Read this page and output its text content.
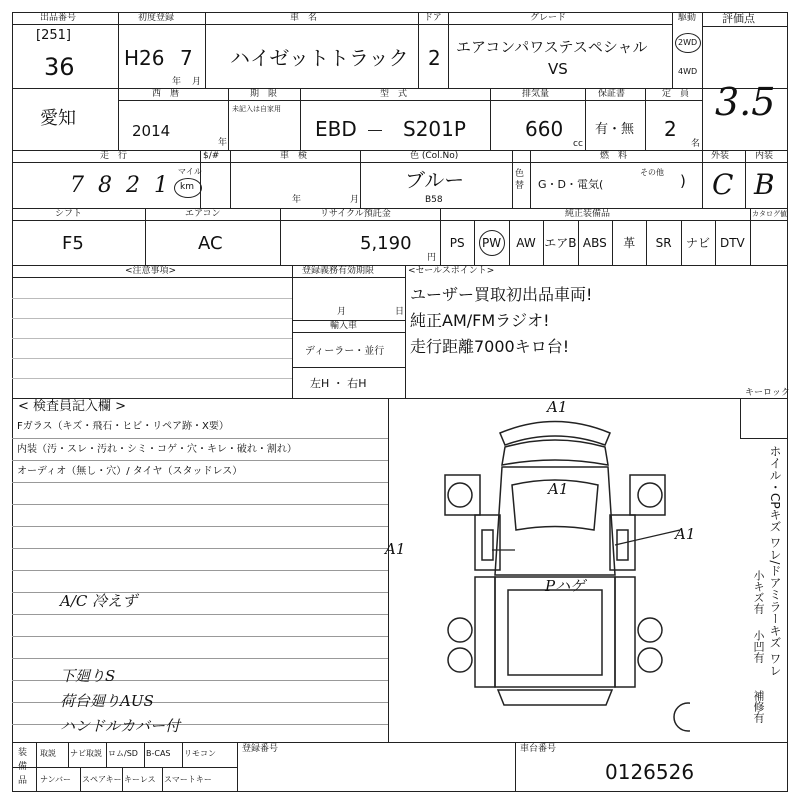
出品番号
[251]
36
初度登録
H26 7
年 月
車　名
ハイゼットトラック
ドア
2
グレード
エアコンパワステスペシャル
VS
駆動
2WD
4WD
評価点
愛知
西　暦
2014
年
期　限
未記入は自家用
型　式
EBD S201P
排気量
660
cc
保証書
有・無
定　員
2
名
3.5
走　行
7  8  2  1
マイル
km
$/#	車　検
年	月
色 (Col.No)
ブルー
B58
色替
燃　料
G・D・電気(
その他 )
外装
C
内装
B
シフト
F5
エアコン
AC
リサイクル預託金
5,190
円
純正装備品	カタログ値
PS	PW	AW エアB ABS	革	SR	ナビ DTV
<注意事項>	登録義務有効期限
月	日
輸入車
ディーラー・並行
左H ・ 右H
<セールスポイント>
ユーザー買取初出品車両!
純正AM/FMラジオ!
走行距離7000キロ台!
< 検査員記入欄 >
Fガラス（キズ・飛石・ヒビ・リペア跡・X要）
内装（汚・スレ・汚れ・シミ・コゲ・穴・キレ・破れ・割れ）
オーディオ（無し・穴）/ タイヤ（スタッドレス）
A/C 冷えず
下廻りS
荷台廻りAUS
ハンドルカバー付
キーロック
A1
A1
A1
A1
Pハゲ	ホイル・CPキズ ワレ/ドアミラーキズ ワレ
小キズ有
小凹有
補修有
取説 ナビ取説 ロム/SD B-CAS リモコン
ナンバー スペアキー キーレス スマートキー
装備品
登録番号	車台番号
0126526
